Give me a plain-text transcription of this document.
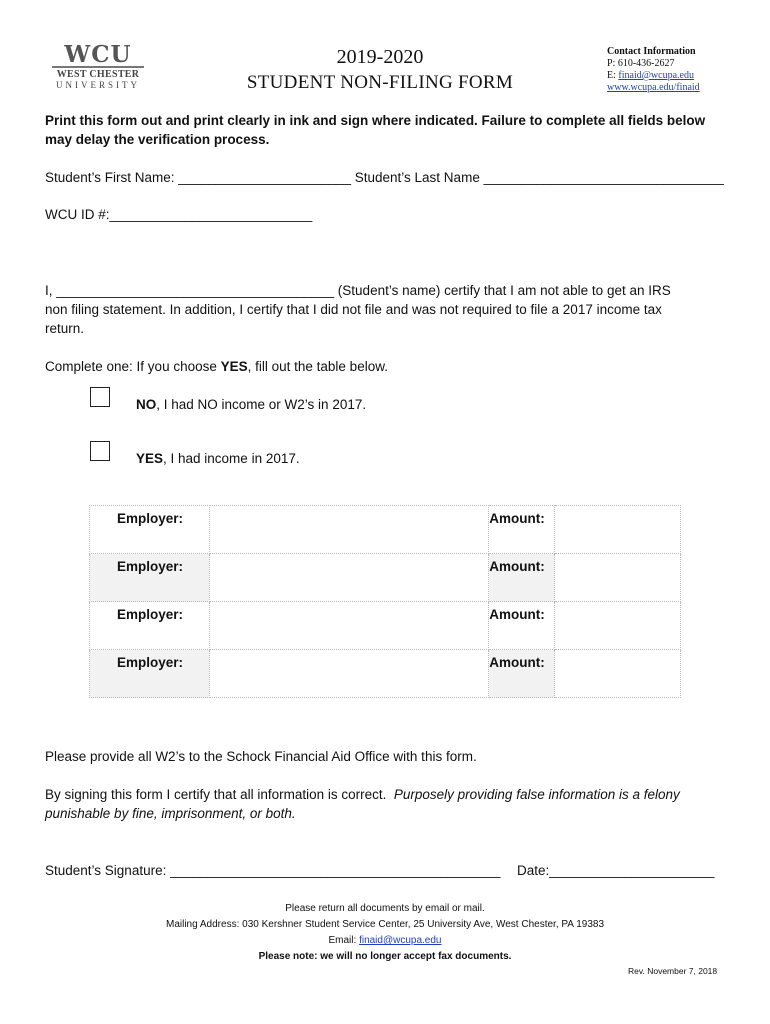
WCU
WEST CHESTER
UNIVERSITY
2019-2020
STUDENT NON-FILING FORM
Contact Information
P: 610-436-2627
E: finaid@wcupa.edu
www.wcupa.edu/finaid
Print this form out and print clearly in ink and sign where indicated. Failure to complete all fields below may delay the verification process.
Student’s First Name: _______________________ Student’s Last Name ________________________________
WCU ID #:___________________________
I, _____________________________________ (Student’s name) certify that I am not able to get an IRS
non filing statement. In addition, I certify that I did not file and was not required to file a 2017 income tax
return.
Complete one: If you choose YES, fill out the table below.
NO, I had NO income or W2’s in 2017.
YES, I had income in 2017.
Employer:		Amount:	
Employer:		Amount:	
Employer:		Amount:	
Employer:		Amount:	
Please provide all W2’s to the Schock Financial Aid Office with this form.
By signing this form I certify that all information is correct.  Purposely providing false information is a felony
punishable by fine, imprisonment, or both.
Student’s Signature: ____________________________________________ Date:______________________
Please return all documents by email or mail.
Mailing Address: 030 Kershner Student Service Center, 25 University Ave, West Chester, PA 19383
Email: finaid@wcupa.edu
Please note: we will no longer accept fax documents.
Rev. November 7, 2018
